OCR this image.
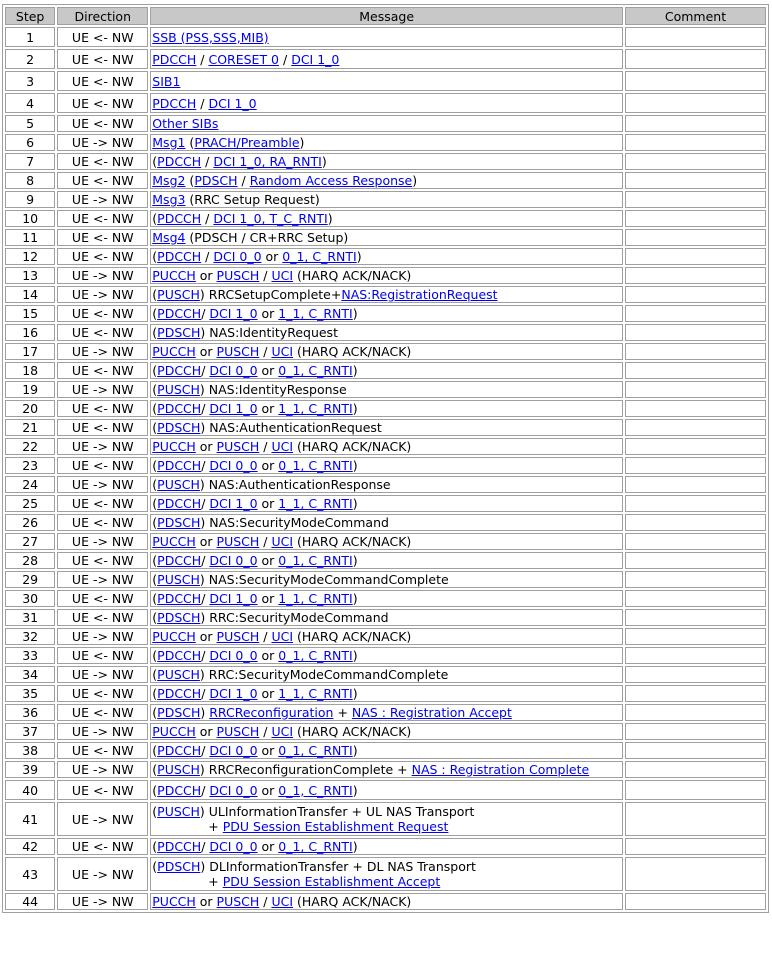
Step	Direction	Message	Comment
1	UE <- NW	SSB (PSS,SSS,MIB)	

2	UE <- NW	PDCCH / CORESET 0 / DCI 1_0	

3	UE <- NW	SIB1	

4	UE <- NW	PDCCH / DCI 1_0	

5	UE <- NW	Other SIBs	

6	UE -> NW	Msg1 (PRACH/Preamble)	

7	UE <- NW	(PDCCH / DCI 1_0, RA_RNTI)	

8	UE <- NW	Msg2 (PDSCH / Random Access Response)	

9	UE -> NW	Msg3 (RRC Setup Request)	

10	UE <- NW	(PDCCH / DCI 1_0, T_C_RNTI)	

11	UE <- NW	Msg4 (PDSCH / CR+RRC Setup)	

12	UE <- NW	(PDCCH / DCI 0_0 or 0_1, C_RNTI)	

13	UE -> NW	PUCCH or PUSCH / UCI (HARQ ACK/NACK)	

14	UE -> NW	(PUSCH) RRCSetupComplete+NAS:RegistrationRequest	

15	UE <- NW	(PDCCH/ DCI 1_0 or 1_1, C_RNTI)	

16	UE <- NW	(PDSCH) NAS:IdentityRequest	

17	UE -> NW	PUCCH or PUSCH / UCI (HARQ ACK/NACK)	

18	UE <- NW	(PDCCH/ DCI 0_0 or 0_1, C_RNTI)	

19	UE -> NW	(PUSCH) NAS:IdentityResponse	

20	UE <- NW	(PDCCH/ DCI 1_0 or 1_1, C_RNTI)	

21	UE <- NW	(PDSCH) NAS:AuthenticationRequest	

22	UE -> NW	PUCCH or PUSCH / UCI (HARQ ACK/NACK)	

23	UE <- NW	(PDCCH/ DCI 0_0 or 0_1, C_RNTI)	

24	UE -> NW	(PUSCH) NAS:AuthenticationResponse	

25	UE <- NW	(PDCCH/ DCI 1_0 or 1_1, C_RNTI)	

26	UE <- NW	(PDSCH) NAS:SecurityModeCommand	

27	UE -> NW	PUCCH or PUSCH / UCI (HARQ ACK/NACK)	

28	UE <- NW	(PDCCH/ DCI 0_0 or 0_1, C_RNTI)	

29	UE -> NW	(PUSCH) NAS:SecurityModeCommandComplete	

30	UE <- NW	(PDCCH/ DCI 1_0 or 1_1, C_RNTI)	

31	UE <- NW	(PDSCH) RRC:SecurityModeCommand	

32	UE -> NW	PUCCH or PUSCH / UCI (HARQ ACK/NACK)	

33	UE <- NW	(PDCCH/ DCI 0_0 or 0_1, C_RNTI)	

34	UE -> NW	(PUSCH) RRC:SecurityModeCommandComplete	

35	UE <- NW	(PDCCH/ DCI 1_0 or 1_1, C_RNTI)	

36	UE <- NW	(PDSCH) RRCReconfiguration + NAS : Registration Accept	

37	UE -> NW	PUCCH or PUSCH / UCI (HARQ ACK/NACK)	

38	UE <- NW	(PDCCH/ DCI 0_0 or 0_1, C_RNTI)	

39	UE -> NW	(PUSCH) RRCReconfigurationComplete + NAS : Registration Complete	

40	UE <- NW	(PDCCH/ DCI 0_0 or 0_1, C_RNTI)	

41	UE -> NW	(PUSCH) ULInformationTransfer + UL NAS Transport
+ PDU Session Establishment Request	

42	UE <- NW	(PDCCH/ DCI 0_0 or 0_1, C_RNTI)	

43	UE -> NW	(PDSCH) DLInformationTransfer + DL NAS Transport
+ PDU Session Establishment Accept	

44	UE -> NW	PUCCH or PUSCH / UCI (HARQ ACK/NACK)	
